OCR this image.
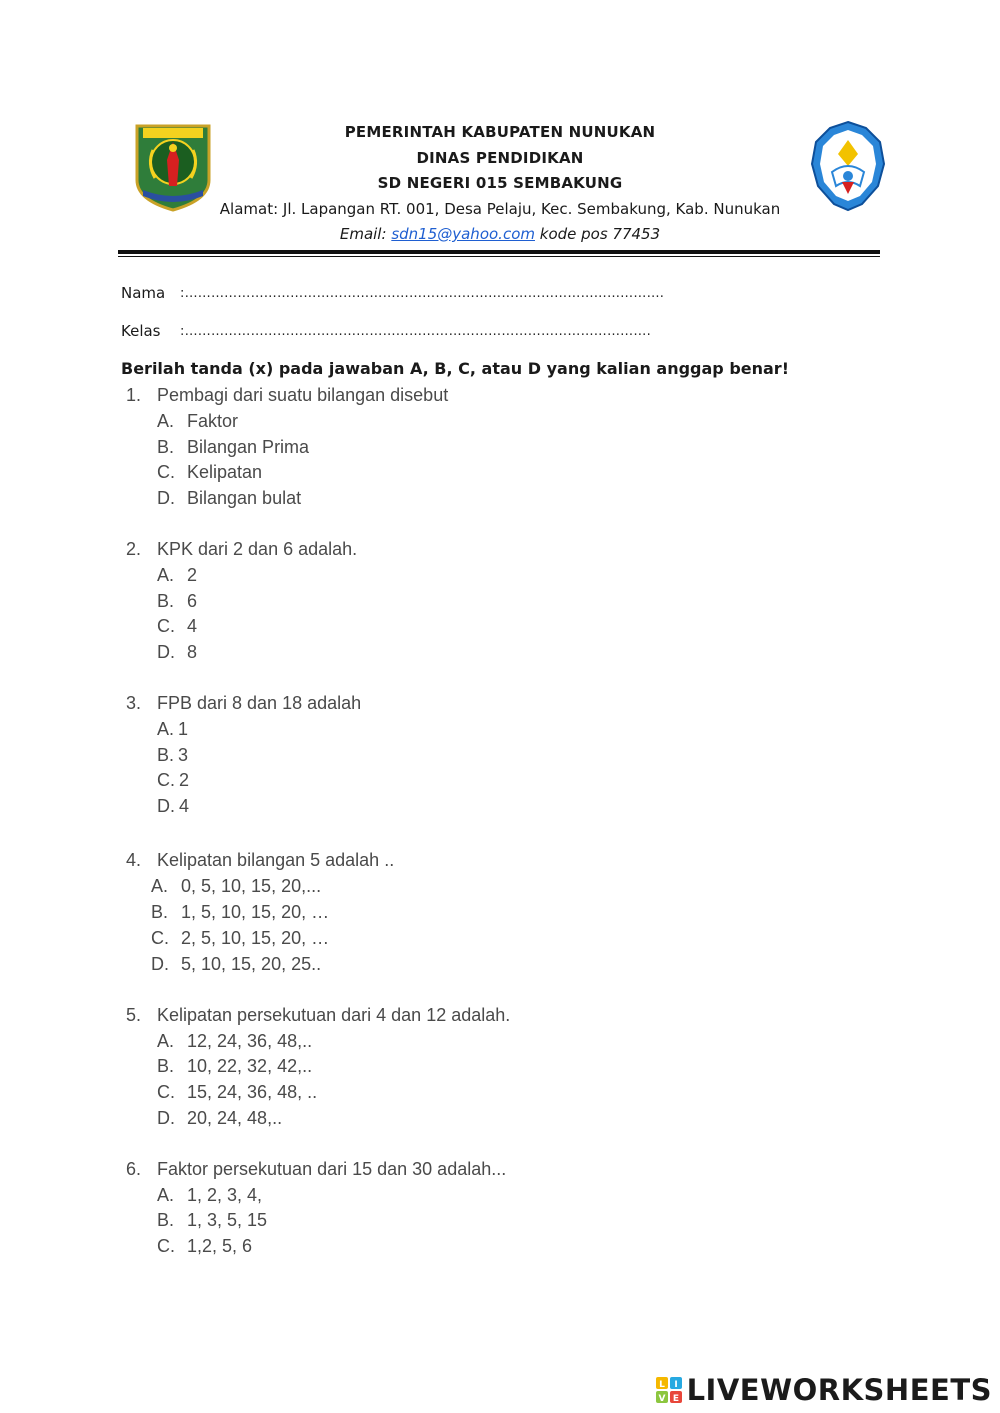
PEMERINTAH KABUPATEN NUNUKAN
DINAS PENDIDIKAN
SD NEGERI 015 SEMBAKUNG
Alamat: Jl. Lapangan RT. 001, Desa Pelaju, Kec. Sembakung, Kab. Nunukan
Email: sdn15@yahoo.com kode pos 77453
Nama :……………………………………………………………………………………………….
Kelas :…………………………………………………………………………………………….
Berilah tanda (x) pada jawaban A, B, C, atau D yang kalian anggap benar!
1. Pembagi dari suatu bilangan disebut
A. Faktor
B. Bilangan Prima
C. Kelipatan
D. Bilangan bulat
2. KPK dari 2 dan 6 adalah.
A. 2
B. 6
C. 4
D. 8
3. FPB dari 8 dan 18 adalah
A. 1
B. 3
C. 2
D. 4
4. Kelipatan bilangan 5 adalah ..
A. 0, 5, 10, 15, 20,...
B. 1, 5, 10, 15, 20, …
C. 2, 5, 10, 15, 20, …
D. 5, 10, 15, 20, 25..
5. Kelipatan persekutuan dari 4 dan 12 adalah.
A. 12, 24, 36, 48,..
B. 10, 22, 32, 42,..
C. 15, 24, 36, 48, ..
D. 20, 24, 48,..
6. Faktor persekutuan dari 15 dan 30 adalah...
A. 1, 2, 3, 4,
B. 1, 3, 5, 15
C. 1,2, 5, 6
L I
V E LIVEWORKSHEETS
